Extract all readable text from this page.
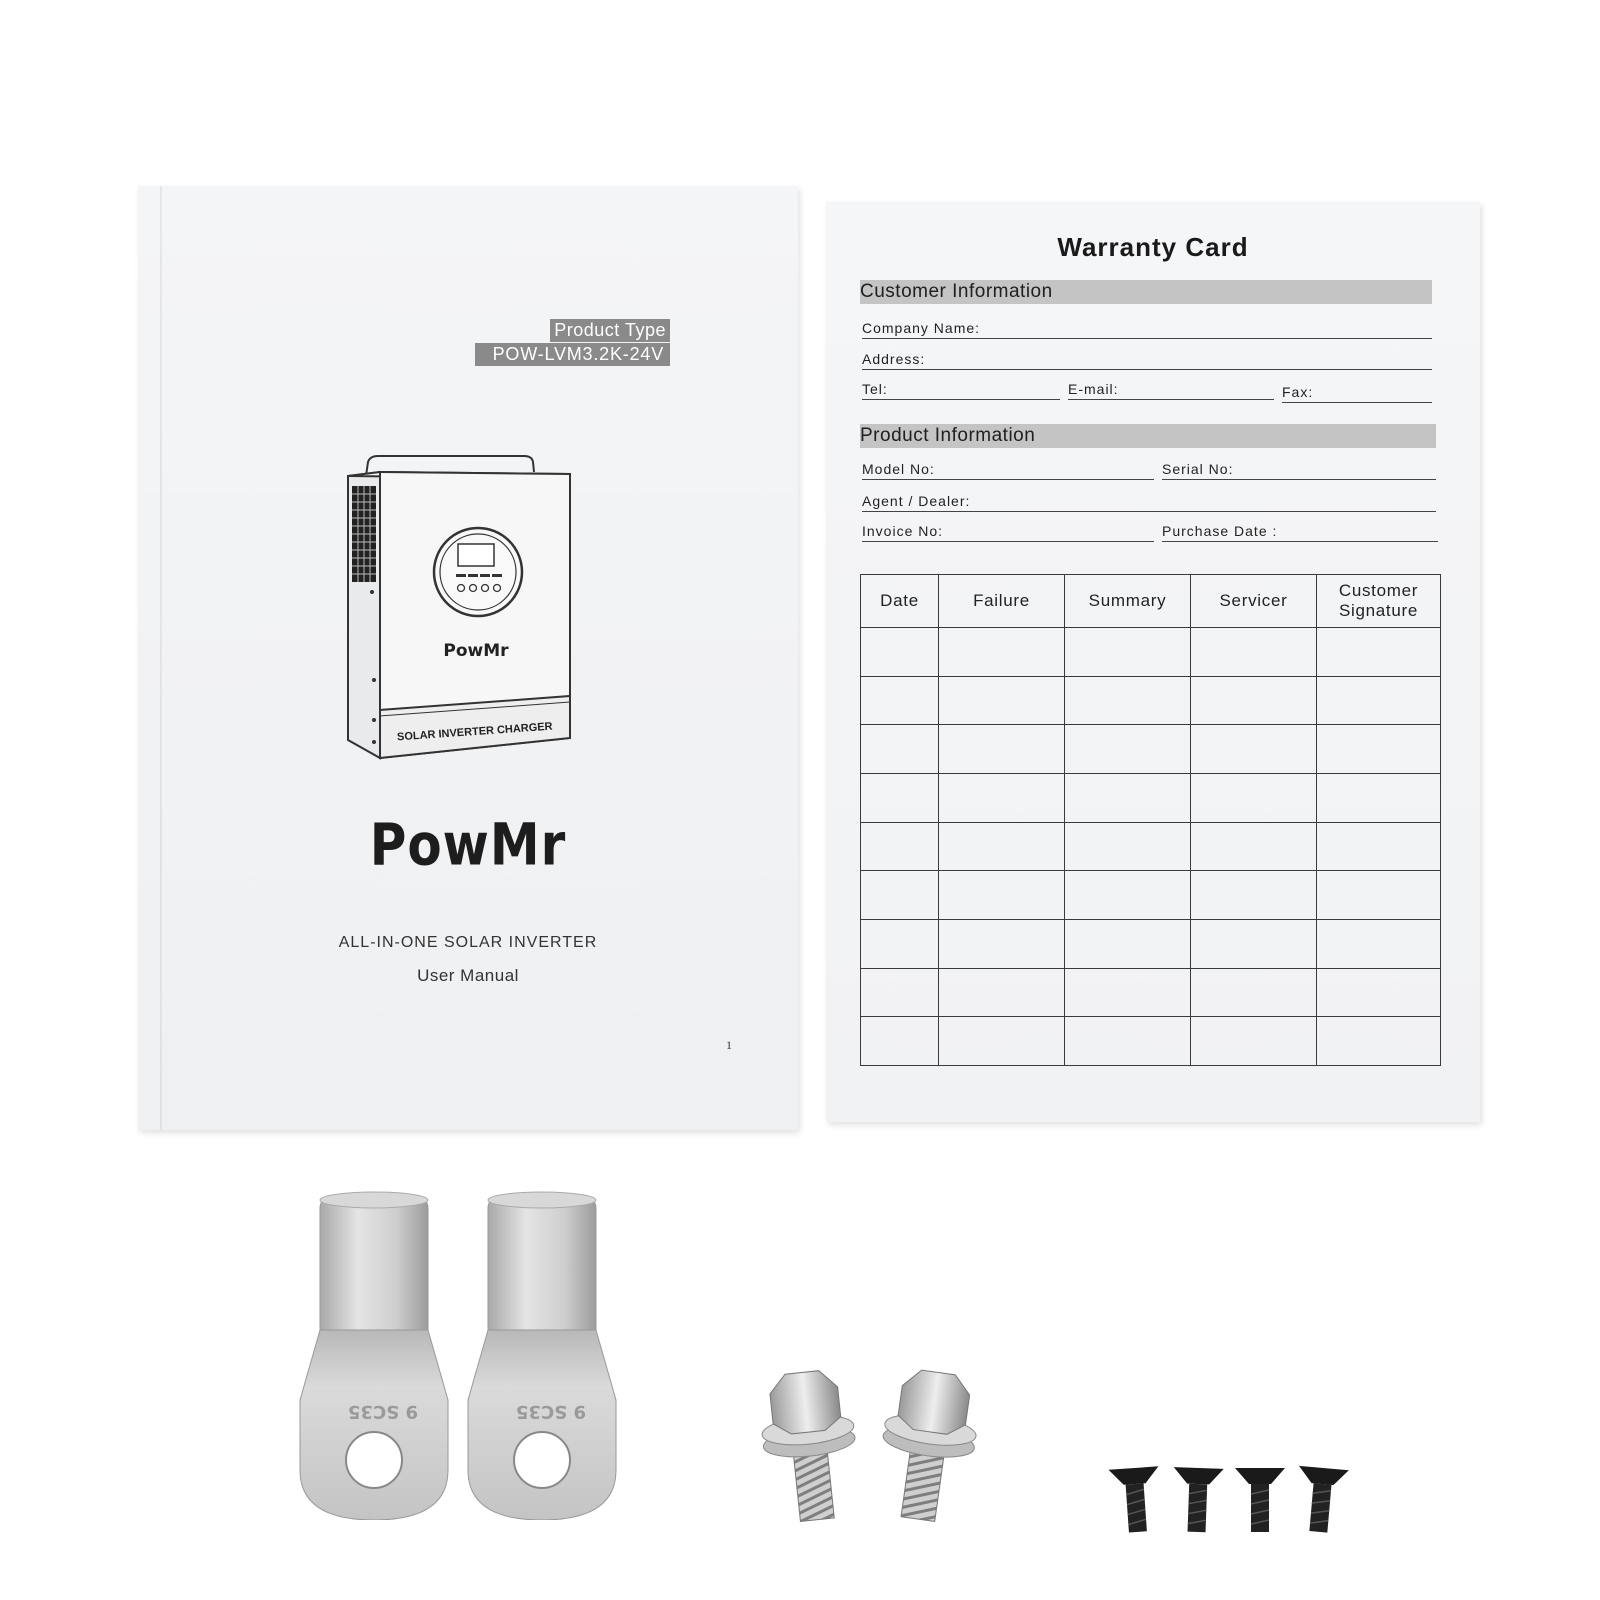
Product Type
POW-LVM3.2K-24V
SOLAR INVERTER CHARGER
PowMr
PowMr
ALL-IN-ONE SOLAR INVERTER
User Manual
1
Warranty Card
Customer Information
Company Name:
Address:
Tel:	E-mail:	Fax:
Product Information
Model No:	Serial No:
Agent / Dealer:
Invoice No:	Purchase Date :
Date	Failure	Summary	Servicer	Customer Signature

9 SC35	9 SC35
